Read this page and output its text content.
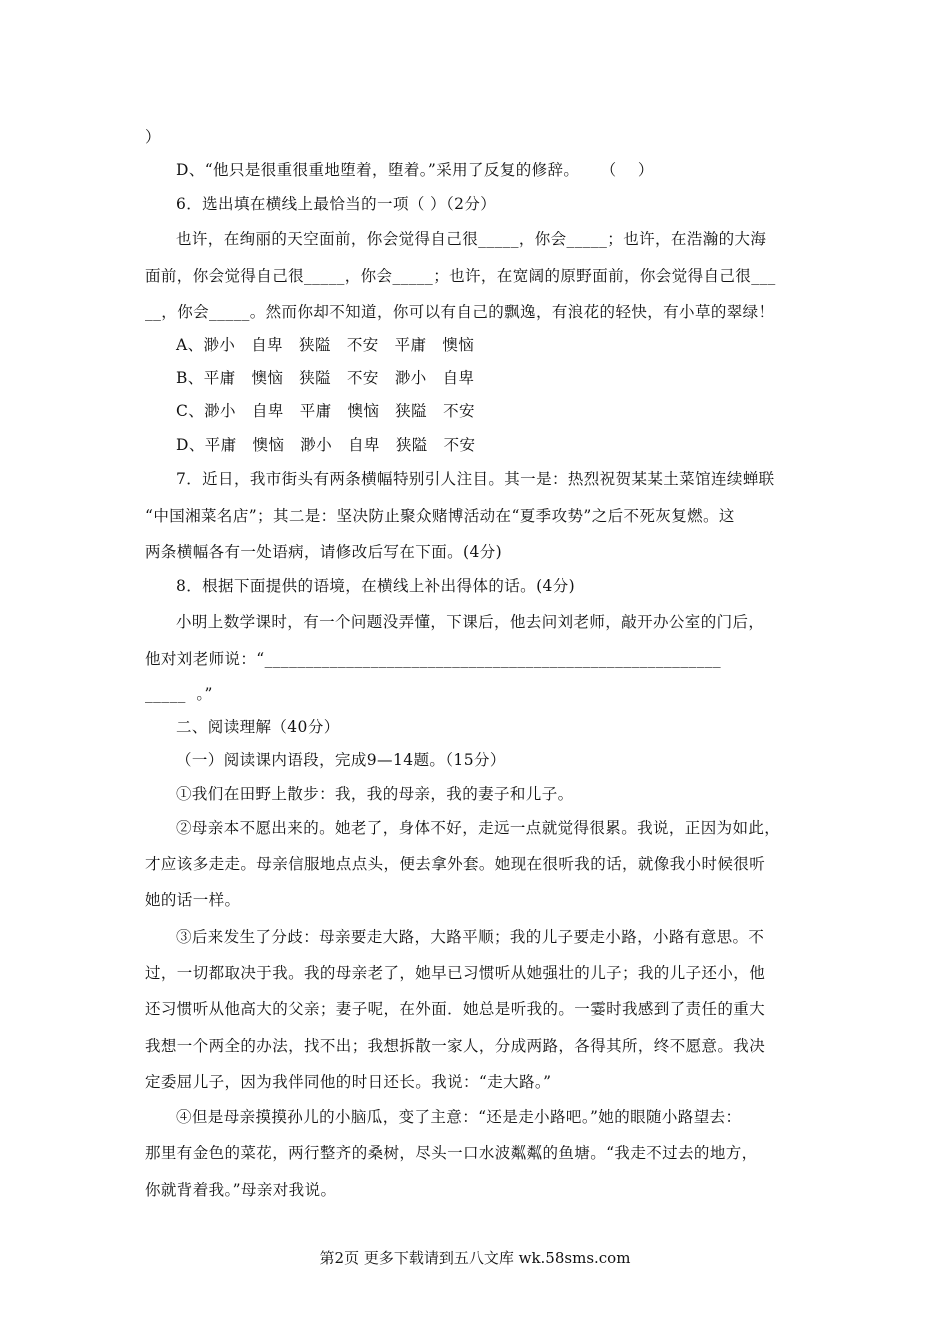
）
D、“他只是很重很重地堕着，堕着。”采用了反复的修辞。    （    ）
6．选出填在横线上最恰当的一项（ ）（2分）
也许，在绚丽的天空面前，你会觉得自己很_____，你会_____；也许，在浩瀚的大海
面前，你会觉得自己很_____，你会_____；也许，在宽阔的原野面前，你会觉得自己很___
__，你会_____。然而你却不知道，你可以有自己的飘逸，有浪花的轻快，有小草的翠绿！
A、渺小   自卑   狭隘   不安   平庸   懊恼
B、平庸   懊恼   狭隘   不安   渺小   自卑
C、渺小   自卑   平庸   懊恼   狭隘   不安
D、平庸   懊恼   渺小   自卑   狭隘   不安
7．近日，我市街头有两条横幅特别引人注目。其一是：热烈祝贺某某土菜馆连续蝉联
“中国湘菜名店”；其二是：坚决防止聚众赌博活动在“夏季攻势”之后不死灰复燃。这
两条横幅各有一处语病，请修改后写在下面。(4分)
8．根据下面提供的语境，在横线上补出得体的话。(4分)
小明上数学课时，有一个问题没弄懂，下课后，他去问刘老师，敲开办公室的门后，
他对刘老师说：“________________________________________________________
_____  。”
二、阅读理解（40分）
（一）阅读课内语段，完成9—14题。（15分）
①我们在田野上散步：我，我的母亲，我的妻子和儿子。
②母亲本不愿出来的。她老了，身体不好，走远一点就觉得很累。我说，正因为如此，
才应该多走走。母亲信服地点点头，便去拿外套。她现在很听我的话，就像我小时候很听
她的话一样。
③后来发生了分歧：母亲要走大路，大路平顺；我的儿子要走小路，小路有意思。不
过，一切都取决于我。我的母亲老了，她早已习惯听从她强壮的儿子；我的儿子还小，他
还习惯听从他高大的父亲；妻子呢，在外面．她总是听我的。一霎时我感到了责任的重大
我想一个两全的办法，找不出；我想拆散一家人，分成两路，各得其所，终不愿意。我决
定委屈儿子，因为我伴同他的时日还长。我说：“走大路。”
④但是母亲摸摸孙儿的小脑瓜，变了主意：“还是走小路吧。”她的眼随小路望去：
那里有金色的菜花，两行整齐的桑树，尽头一口水波粼粼的鱼塘。“我走不过去的地方，
你就背着我。”母亲对我说。
第2页 更多下载请到五八文库 wk.58sms.com
